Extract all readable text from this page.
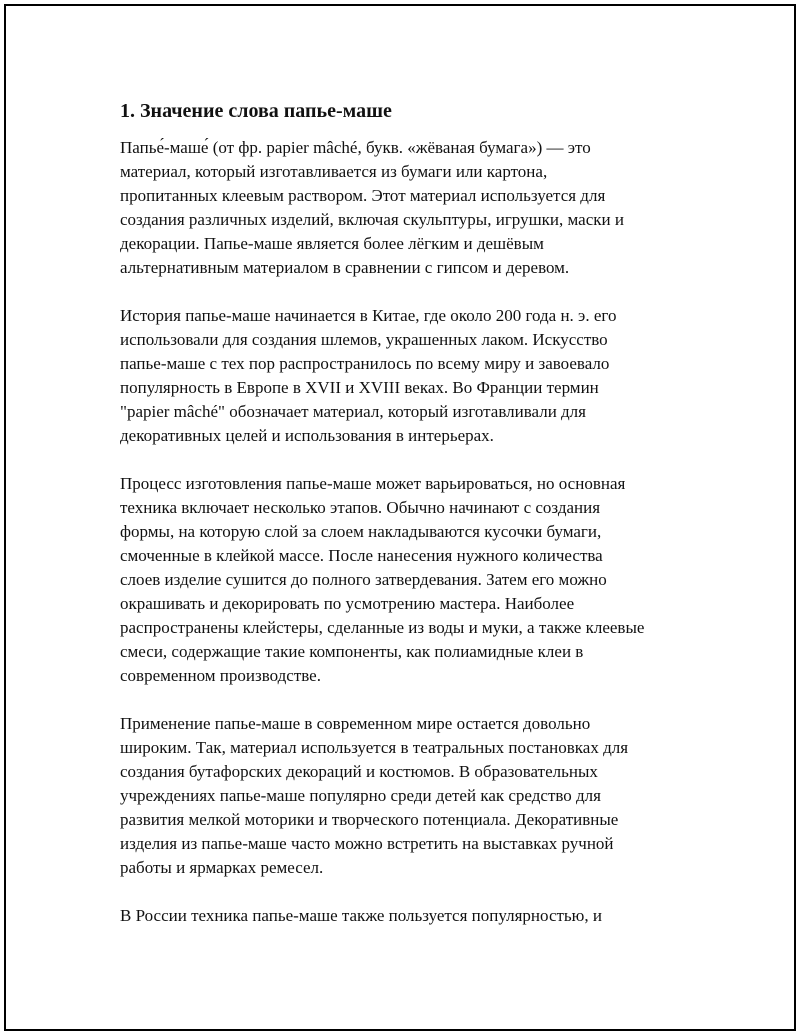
1. Значение слова папье-маше
Папье́-маше́ (от фр. papier mâché, букв. «жёваная бумага») — это
материал, который изготавливается из бумаги или картона,
пропитанных клеевым раствором. Этот материал используется для
создания различных изделий, включая скульптуры, игрушки, маски и
декорации. Папье-маше является более лёгким и дешёвым
альтернативным материалом в сравнении с гипсом и деревом.
История папье-маше начинается в Китае, где около 200 года н. э. его
использовали для создания шлемов, украшенных лаком. Искусство
папье-маше с тех пор распространилось по всему миру и завоевало
популярность в Европе в XVII и XVIII веках. Во Франции термин
"papier mâché" обозначает материал, который изготавливали для
декоративных целей и использования в интерьерах.
Процесс изготовления папье-маше может варьироваться, но основная
техника включает несколько этапов. Обычно начинают с создания
формы, на которую слой за слоем накладываются кусочки бумаги,
смоченные в клейкой массе. После нанесения нужного количества
слоев изделие сушится до полного затвердевания. Затем его можно
окрашивать и декорировать по усмотрению мастера. Наиболее
распространены клейстеры, сделанные из воды и муки, а также клеевые
смеси, содержащие такие компоненты, как полиамидные клеи в
современном производстве.
Применение папье-маше в современном мире остается довольно
широким. Так, материал используется в театральных постановках для
создания бутафорских декораций и костюмов. В образовательных
учреждениях папье-маше популярно среди детей как средство для
развития мелкой моторики и творческого потенциала. Декоративные
изделия из папье-маше часто можно встретить на выставках ручной
работы и ярмарках ремесел.
В России техника папье-маше также пользуется популярностью, и
